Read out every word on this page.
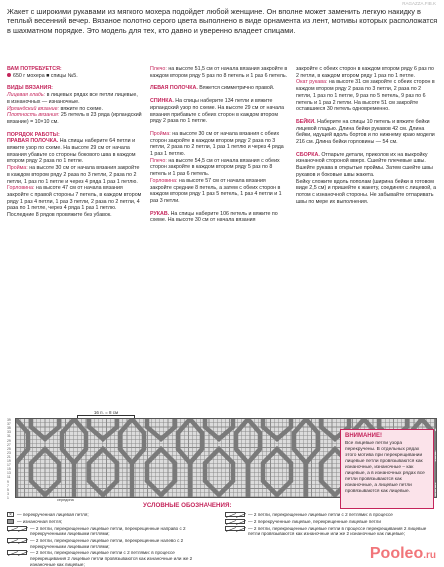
RAGAZZA.FIB.K

Жакет с широкими рукавами из мягкого мохера подойдет любой женщине. Он вполне может заменить легкую накидку в теплый весенний вечер. Вязаное полотно серого цвета выполнено в виде орнамента из лент, мотивы которых расположатся в шахматном порядке. Это модель для тех, кто давно и уверенно владеет спицами.

ВАМ ПОТРЕБУЕТСЯ:
650 г мохера ■ спицы №5.
ВИДЫ ВЯЗАНИЯ:
Лицевая гладь: в лицевых рядах все петли лицевые, в изнаночных — изнаночные.
Ирландский вязание: вяжите по схеме.
Плотность вязания: 25 петель в 23 ряда (ирландский вязание) = 10×10 см.
ПОРЯДОК РАБОТЫ:
ПРАВАЯ ПОЛОЧКА. На спицы наберите 64 петли и вяжите узор по схеме. На высоте 29 см от начала вязания убавьте со стороны бокового шва в каждом втором ряду 2 раза по 1 петле.
Пройма: на высоте 30 см от начала вязания закройте в каждом втором ряду 2 раза по 3 петли, 2 раза по 2 петли, 1 раз по 1 петле и через 4 ряда 1 раз 1 петлю.
Горловина: на высоте 47 см от начала вязания закройте с правой стороны 7 петель, в каждом втором ряду 1 раз 4 петли, 1 раз 3 петли, 2 раза по 2 петли, 4 раза по 1 петле, через 4 ряда 1 раз 1 петлю. Последние 8 рядов провяжите без убавок.
Плечо: на высоте 51,5 см от начала вязания закройте в каждом втором ряду 5 раз по 8 петель и 1 раз 6 петель.
ЛЕВАЯ ПОЛОЧКА. Вяжется симметрично правой.
СПИНКА. На спицы наберите 134 петли и вяжите ирландский узор по схеме. На высоте 29 см от начала вязания прибавьте с обеих сторон в каждом втором ряду 2 раза по 1 петле.
Пройма: на высоте 30 см от начала вязания с обеих сторон закройте в каждом втором ряду 2 раза по 3 петли, 2 раза по 2 петли, 1 раз 1 петлю и через 4 ряда 1 раз 1 петлю.
Плечо: на высоте 54,5 см от начала вязания с обеих сторон закройте в каждом втором ряду 5 раз по 8 петель и 1 раз 6 петель.
Горловина: на высоте 57 см от начала вязания закройте средние 8 петель, а затем с обеих сторон в каждом втором ряду 1 раз 5 петель, 1 раз 4 петли и 1 раз 3 петли.
РУКАВ. На спицы наберите 106 петель и вяжите по схеме. На высоте 30 см от начала вязания
закройте с обеих сторон в каждом втором ряду 6 раз по 2 петли, в каждом втором ряду 1 раз по 1 петле.
Окат рукава: на высоте 31 см закройте с обеих сторон в каждом втором ряду 2 раза по 3 петли, 2 раза по 2 петли, 1 раз по 1 петле, 9 раз по 5 петель, 9 раз по 6 петель и 1 раз 2 петли. На высоте 51 см закройте оставшиеся 30 петель одновременно.
БЕЙКИ. Наберите на спицы 10 петель и вяжите бейки лицевой гладью. Длина бейки рукавов 42 см. Длина бейки, идущей вдоль бортов и по нижнему краю модели 216 см. Длина бейки горловины — 54 см.
СБОРКА. Отпарьте детали, приколов их на выкройку изнаночной стороной вверх. Сшейте плечевые швы. Вшейте рукава в открытые проймы. Затем сшейте швы рукавов и боковые швы жакета.
Бейку сложите вдоль пополам (ширина бейки в готовом виде 2,5 см) и пришейте к жакету, соединяя с лицевой, а потом с изнаночной стороны. Не забывайте отпаривать швы по мере их выполнения.
16 п. = 8 см
39
37
35
33
31
29
27
25
23
21
19
17
15
13
11
9
7
5
3
1
середина
ВНИМАНИЕ!
Все лицевые петли узора перекручены. В отдельных рядах этого мотива при перекрещивании лицевые петли провязываются как изнаночные, изнаночные – как лицевые, а в изнаночных рядах все петли провязываются как изнаночные, а лицевые петли провязываются как лицевые.
УСЛОВНЫЕ ОБОЗНАЧЕНИЯ:
×	— перекрученная лицевая петля;
— изнаночная петля;
— 2 петли, перекрещенные лицевые петли, перекрещенные направо с 2 перекрученными лицевыми петлями;
— 2 петли, перекрещенные лицевые петли, перекрещенные налево с 2 перекрученными лицевыми петлями;
— 2 петли, перекрещенные лицевые петли с 2 петлями: в процессе перекрещивания 2 лицевые петли провязываются как изнаночные или же 2 изнаночные как лицевые;
— 2 петли, перекрещенные лицевые петли с 2 петлями: в процессе
— 2 перекрученные лицевые, перекрещенные лицевые петли
— 2 петли, перекрещенные лицевые петли в процессе перекрещивания 2 лицевые петли провязываются как изнаночные или же 2 изнаночные как лицевые;
Pooleo.ru
